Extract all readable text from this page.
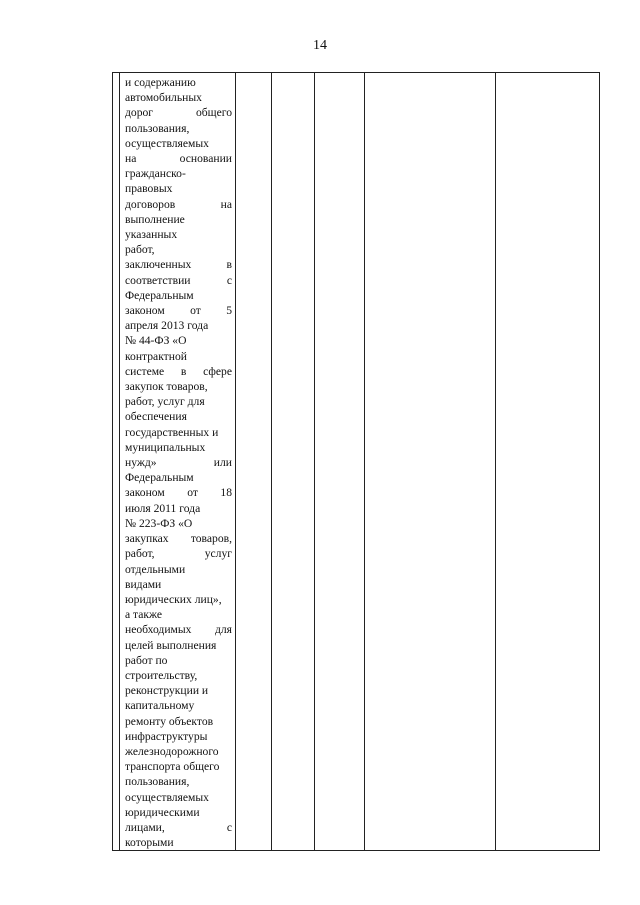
14

и содержанию
автомобильных
дорог	общего
пользования,
осуществляемых
на	основании
гражданско-
правовых
договоров	на
выполнение
указанных
работ,
заключенных	в
соответствии	с
Федеральным
законом от 5
апреля 2013 года
№ 44-ФЗ «О
контрактной
системе в сфере
закупок товаров,
работ, услуг для
обеспечения
государственных и
муниципальных
нужд»	или
Федеральным
законом от 18
июля 2011 года
№ 223-ФЗ «О
закупках товаров,
работ,	услуг
отдельными
видами
юридических лиц»,
а также
необходимых для
целей выполнения
работ по
строительству,
реконструкции и
капитальному
ремонту объектов
инфраструктуры
железнодорожного
транспорта общего
пользования,
осуществляемых
юридическими
лицами,	с
которыми
